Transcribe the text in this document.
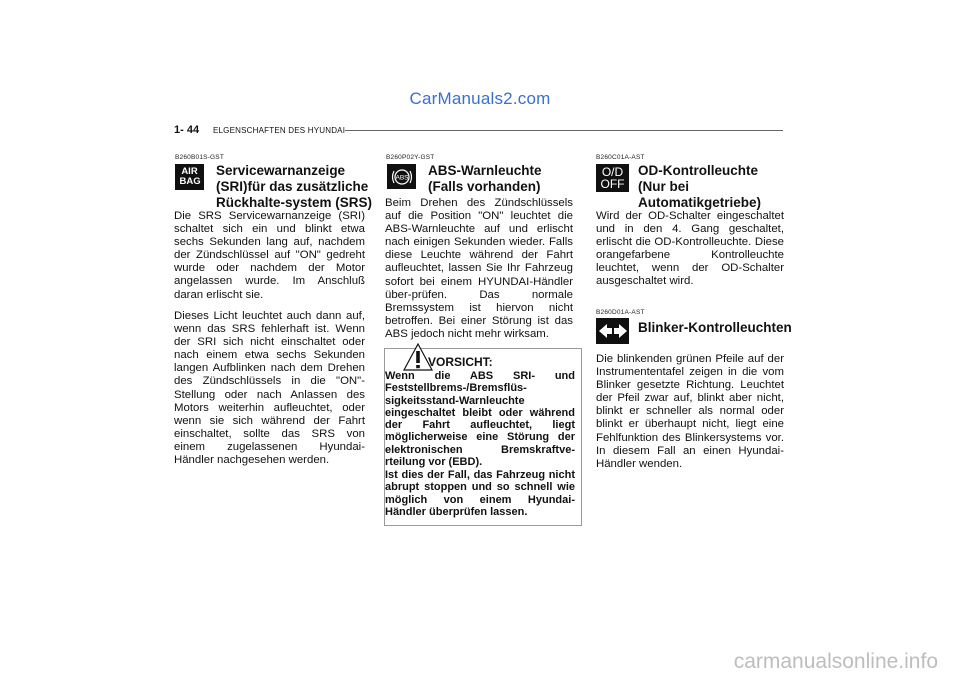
CarManuals2.com
1- 44 ELGENSCHAFTEN DES HYUNDAI
B260B01S-GST
AIR BAG
Servicewarnanzeige
(SRI)für das zusätzliche
Rückhalte-system (SRS)
Die SRS Servicewarnanzeige (SRI) schaltet sich ein und blinkt etwa sechs Sekunden lang auf, nachdem der Zündschlüssel auf "ON" gedreht wurde oder nachdem der Motor angelassen wurde. Im Anschluß daran erlischt sie.
Dieses Licht leuchtet auch dann auf, wenn das SRS fehlerhaft ist. Wenn der SRI sich nicht einschaltet oder nach einem etwa sechs Sekunden langen Aufblinken nach dem Drehen des Zündschlüssels in die "ON"-Stellung oder nach Anlassen des Motors weiterhin aufleuchtet, oder wenn sie sich während der Fahrt einschaltet, sollte das SRS von einem zugelassenen Hyundai-Händler nachgesehen werden.
B260P02Y-GST
ABS ABS-Warnleuchte
(Falls vorhanden)
Beim Drehen des Zündschlüssels auf die Position "ON" leuchtet die ABS-Warnleuchte auf und erlischt nach einigen Sekunden wieder. Falls diese Leuchte während der Fahrt aufleuchtet, lassen Sie Ihr Fahrzeug sofort bei einem HYUNDAI-Händler über-prüfen. Das normale Bremssystem ist hiervon nicht betroffen. Bei einer Störung ist das ABS jedoch nicht mehr wirksam.
VORSICHT:
Wenn die ABS SRI- und Feststellbrems-/Bremsflüs-sigkeitsstand-Warnleuchte eingeschaltet bleibt oder während der Fahrt aufleuchtet, liegt möglicherweise eine Störung der elektronischen Bremskraftve-rteilung vor (EBD).
Ist dies der Fall, das Fahrzeug nicht abrupt stoppen und so schnell wie möglich von einem Hyundai-Händler überprüfen lassen.
B260C01A-AST
O/D OFF
OD-Kontrolleuchte
(Nur bei
Automatikgetriebe)
Wird der OD-Schalter eingeschaltet und in den 4. Gang geschaltet, erlischt die OD-Kontrolleuchte. Diese orangefarbene Kontrolleuchte leuchtet, wenn der OD-Schalter ausgeschaltet wird.
B260D01A-AST
Blinker-Kontrolleuchten
Die blinkenden grünen Pfeile auf der Instrumententafel zeigen in die vom Blinker gesetzte Richtung. Leuchtet der Pfeil zwar auf, blinkt aber nicht, blinkt er schneller als normal oder blinkt er überhaupt nicht, liegt eine Fehlfunktion des Blinkersystems vor. In diesem Fall an einen Hyundai-Händler wenden.
carmanualsonline.info
